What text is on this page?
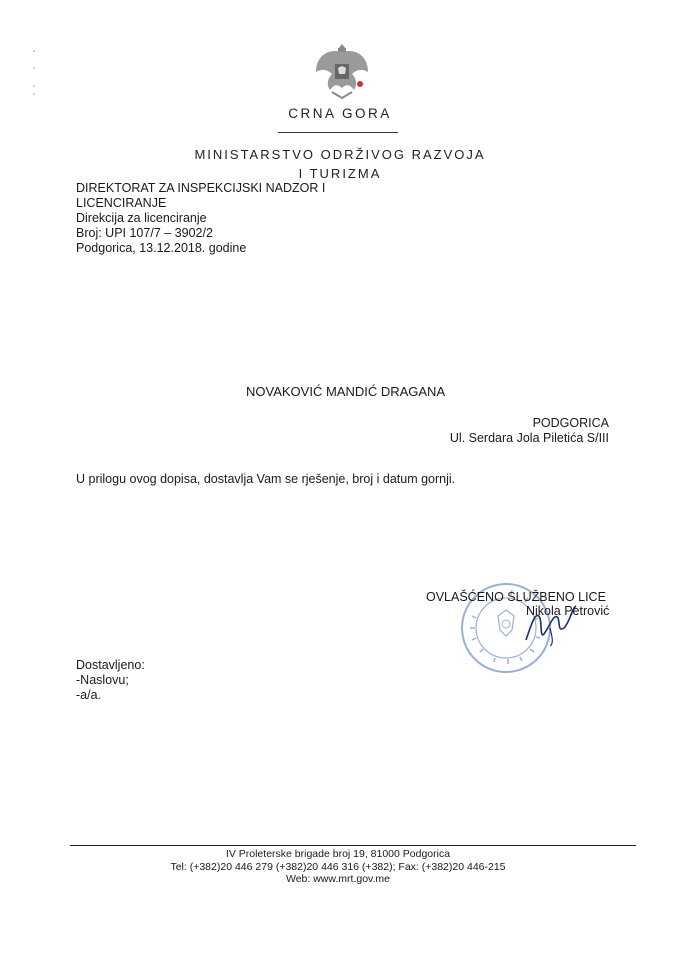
CRNA GORA
MINISTARSTVO ODRŽIVOG RAZVOJA
I TURIZMA
DIREKTORAT ZA INSPEKCIJSKI NADZOR I
LICENCIRANJE
Direkcija za licenciranje
Broj: UPI 107/7 – 3902/2
Podgorica, 13.12.2018. godine
NOVAKOVIĆ MANDIĆ DRAGANA
PODGORICA
Ul. Serdara Jola Piletića S/III
U prilogu ovog dopisa, dostavlja Vam se rješenje, broj i datum gornji.
OVLAŠĆENO SLUŽBENO LICE
Nikola Petrović
Dostavljeno:
-Naslovu;
-a/a.
IV Proleterske brigade broj 19, 81000 Podgorica
Tel: (+382)20 446 279 (+382)20 446 316 (+382); Fax: (+382)20 446-215
Web: www.mrt.gov.me
